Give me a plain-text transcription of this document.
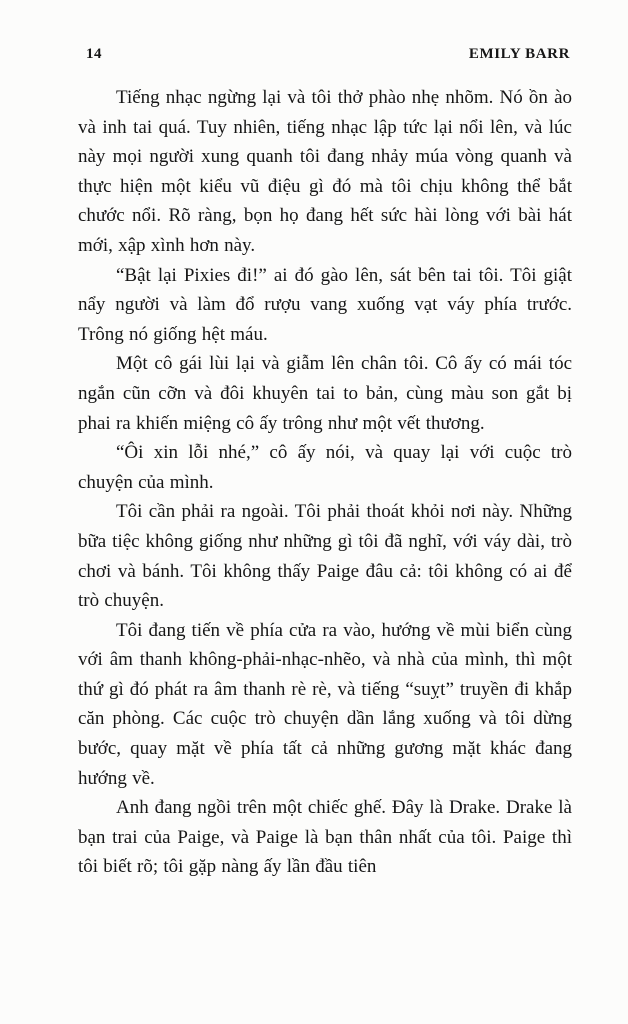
14	EMILY BARR

Tiếng nhạc ngừng lại và tôi thở phào nhẹ nhõm. Nó ồn ào và inh tai quá. Tuy nhiên, tiếng nhạc lập tức lại nổi lên, và lúc này mọi người xung quanh tôi đang nhảy múa vòng quanh và thực hiện một kiểu vũ điệu gì đó mà tôi chịu không thể bắt chước nổi. Rõ ràng, bọn họ đang hết sức hài lòng với bài hát mới, xập xình hơn này.

“Bật lại Pixies đi!” ai đó gào lên, sát bên tai tôi. Tôi giật nẩy người và làm đổ rượu vang xuống vạt váy phía trước. Trông nó giống hệt máu.

Một cô gái lùi lại và giẫm lên chân tôi. Cô ấy có mái tóc ngắn cũn cỡn và đôi khuyên tai to bản, cùng màu son gắt bị phai ra khiến miệng cô ấy trông như một vết thương.

“Ôi xin lỗi nhé,” cô ấy nói, và quay lại với cuộc trò chuyện của mình.

Tôi cần phải ra ngoài. Tôi phải thoát khỏi nơi này. Những bữa tiệc không giống như những gì tôi đã nghĩ, với váy dài, trò chơi và bánh. Tôi không thấy Paige đâu cả: tôi không có ai để trò chuyện.

Tôi đang tiến về phía cửa ra vào, hướng về mùi biển cùng với âm thanh không-phải-nhạc-nhẽo, và nhà của mình, thì một thứ gì đó phát ra âm thanh rè rè, và tiếng “suỵt” truyền đi khắp căn phòng. Các cuộc trò chuyện dần lắng xuống và tôi dừng bước, quay mặt về phía tất cả những gương mặt khác đang hướng về.

Anh đang ngồi trên một chiếc ghế. Đây là Drake. Drake là bạn trai của Paige, và Paige là bạn thân nhất của tôi. Paige thì tôi biết rõ; tôi gặp nàng ấy lần đầu tiên
